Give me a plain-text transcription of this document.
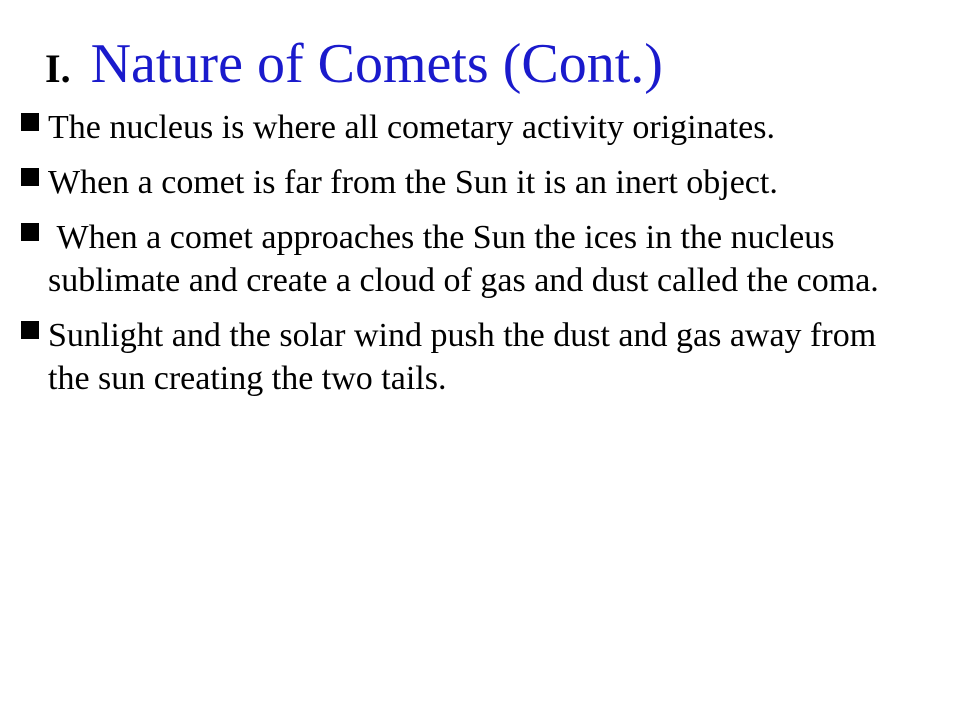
I. Nature of Comets (Cont.)
The nucleus is where all cometary activity originates.
When a comet is far from the Sun it is an inert object.
When a comet approaches the Sun the ices in the nucleus sublimate and create a cloud of gas and dust called the coma.
Sunlight and the solar wind push the dust and gas away from the sun creating the two tails.
